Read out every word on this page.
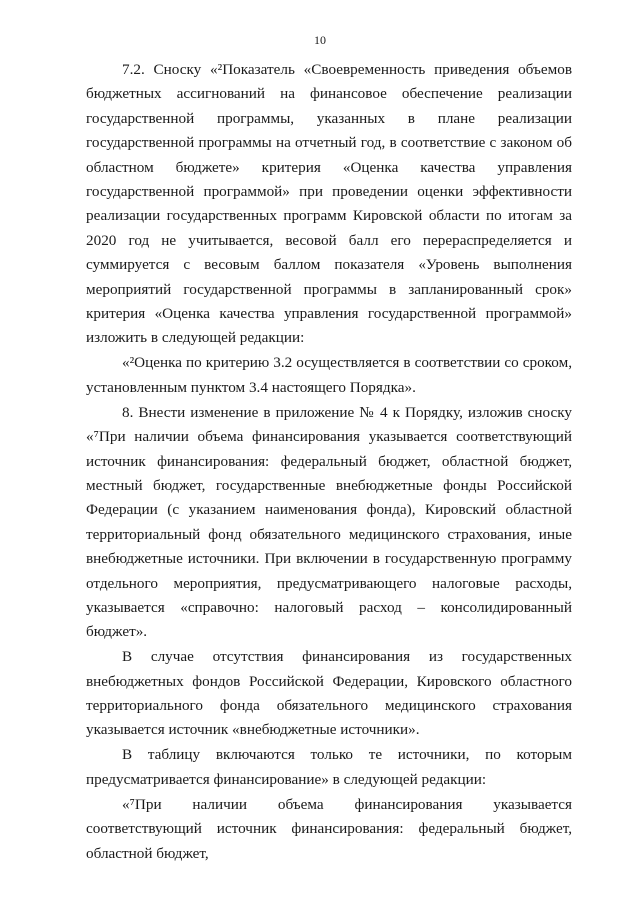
10

7.2. Сноску «²Показатель «Своевременность приведения объемов бюджетных ассигнований на финансовое обеспечение реализации государственной программы, указанных в плане реализации государственной программы на отчетный год, в соответствие с законом об областном бюджете» критерия «Оценка качества управления государственной программой» при проведении оценки эффективности реализации государственных программ Кировской области по итогам за 2020 год не учитывается, весовой балл его перераспределяется и суммируется с весовым баллом показателя «Уровень выполнения мероприятий государственной программы в запланированный срок» критерия «Оценка качества управления государственной программой» изложить в следующей редакции:

«²Оценка по критерию 3.2 осуществляется в соответствии со сроком, установленным пунктом 3.4 настоящего Порядка».

8. Внести изменение в приложение № 4 к Порядку, изложив сноску «⁷При наличии объема финансирования указывается соответствующий источник финансирования: федеральный бюджет, областной бюджет, местный бюджет, государственные внебюджетные фонды Российской Федерации (с указанием наименования фонда), Кировский областной территориальный фонд обязательного медицинского страхования, иные внебюджетные источники. При включении в государственную программу отдельного мероприятия, предусматривающего налоговые расходы, указывается «справочно: налоговый расход – консолидированный бюджет».

В случае отсутствия финансирования из государственных внебюджетных фондов Российской Федерации, Кировского областного территориального фонда обязательного медицинского страхования указывается источник «внебюджетные источники».

В таблицу включаются только те источники, по которым предусматривается финансирование» в следующей редакции:

«⁷При наличии объема финансирования указывается соответствующий источник финансирования: федеральный бюджет, областной бюджет,
